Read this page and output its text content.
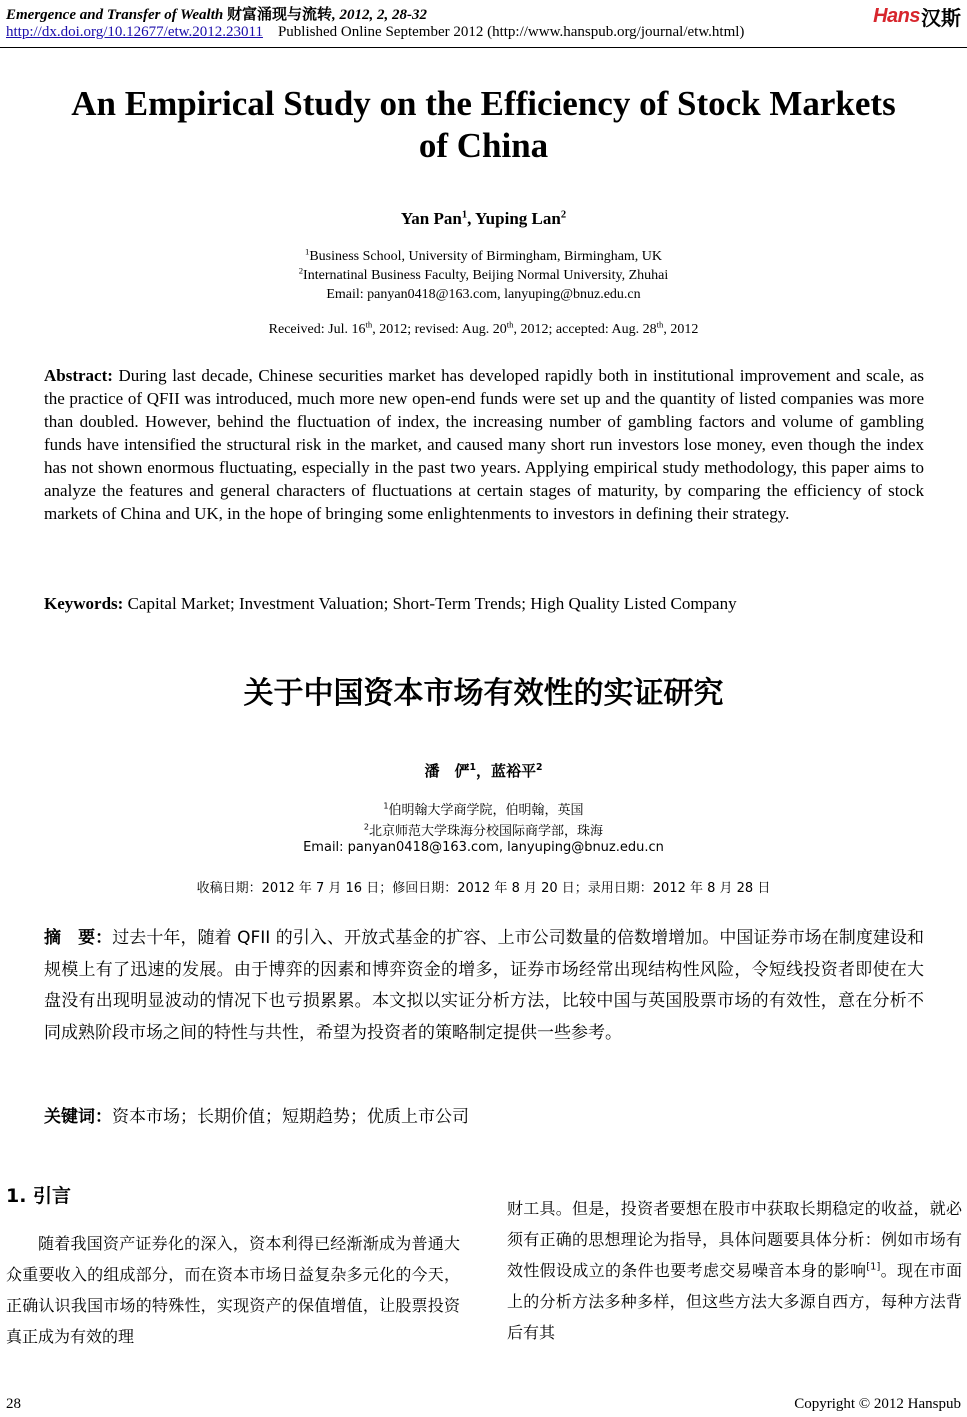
Emergence and Transfer of Wealth 财富涌现与流转, 2012, 2, 28-32
http://dx.doi.org/10.12677/etw.2012.23011 Published Online September 2012 (http://www.hanspub.org/journal/etw.html)
Hans 汉斯
An Empirical Study on the Efficiency of Stock Markets
of China
Yan Pan$^1$, Yuping Lan$^2$
$^1$Business School, University of Birmingham, Birmingham, UK
$^2$Internatinal Business Faculty, Beijing Normal University, Zhuhai
Email: panyan0418@163.com, lanyuping@bnuz.edu.cn
Received: Jul. 16th, 2012; revised: Aug. 20th, 2012; accepted: Aug. 28th, 2012
Abstract: During last decade, Chinese securities market has developed rapidly both in institutional improvement and scale, as the practice of QFII was introduced, much more new open-end funds were set up and the quantity of listed companies was more than doubled. However, behind the fluctuation of index, the increasing number of gambling factors and volume of gambling funds have intensified the structural risk in the market, and caused many short run investors lose money, even though the index has not shown enormous fluctuating, especially in the past two years. Applying empirical study methodology, this paper aims to analyze the features and general characters of fluctuations at certain stages of maturity, by comparing the efficiency of stock markets of China and UK, in the hope of bringing some enlightenments to investors in defining their strategy.
Keywords: Capital Market; Investment Valuation; Short-Term Trends; High Quality Listed Company
关于中国资本市场有效性的实证研究
潘　俨$^1$，蓝裕平$^2$
$^1$伯明翰大学商学院，伯明翰，英国
$^2$北京师范大学珠海分校国际商学部，珠海
Email: panyan0418@163.com, lanyuping@bnuz.edu.cn
收稿日期：2012 年 7 月 16 日；修回日期：2012 年 8 月 20 日；录用日期：2012 年 8 月 28 日
摘　要：过去十年，随着 QFII 的引入、开放式基金的扩容、上市公司数量的倍数增增加。中国证券市场在制度建设和规模上有了迅速的发展。由于博弈的因素和博弈资金的增多，证券市场经常出现结构性风险，令短线投资者即使在大盘没有出现明显波动的情况下也亏损累累。本文拟以实证分析方法，比较中国与英国股票市场的有效性，意在分析不同成熟阶段市场之间的特性与共性，希望为投资者的策略制定提供一些参考。
关键词：资本市场；长期价值；短期趋势；优质上市公司
1. 引言
随着我国资产证券化的深入，资本利得已经渐渐成为普通大众重要收入的组成部分，而在资本市场日益复杂多元化的今天，正确认识我国市场的特殊性，实现资产的保值增值，让股票投资真正成为有效的理
财工具。但是，投资者要想在股市中获取长期稳定的收益，就必须有正确的思想理论为指导，具体问题要具体分析：例如市场有效性假设成立的条件也要考虑交易噪音本身的影响[1]。现在市面上的分析方法多种多样，但这些方法大多源自西方，每种方法背后有其
28	Copyright © 2012 Hanspub
